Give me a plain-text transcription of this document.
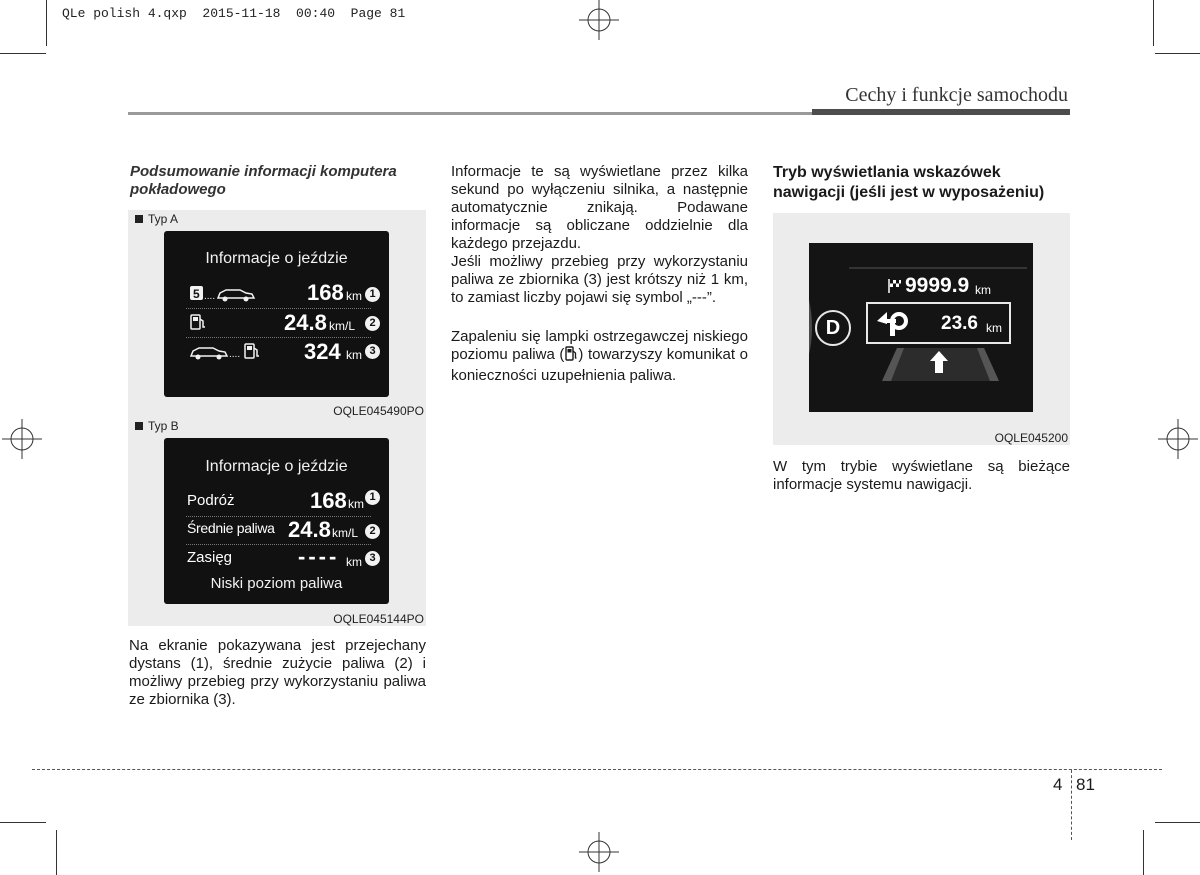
QLe polish 4.qxp  2015-11-18  00:40  Page 81
Cechy i funkcje samochodu
Podsumowanie informacji komputera pokładowego
Typ A
Informacje o jeździe
5 ....	168 km 1
24.8 km/L	2
....	324 km 3
OQLE045490PO
Typ B
Informacje o jeździe
Podróż	168 km 1
Średnie paliwa 24.8 km/L	2
Zasięg	---- km 3
Niski poziom paliwa
OQLE045144PO
Na ekranie pokazywana jest przejechany dystans (1), średnie zużycie paliwa (2) i możliwy przebieg przy wykorzystaniu paliwa ze zbiornika (3).
Informacje te są wyświetlane przez kilka sekund po wyłączeniu silnika, a następnie automatycznie znikają. Podawane informacje są obliczane oddzielnie dla każdego przejazdu.
Jeśli możliwy przebieg przy wykorzystaniu paliwa ze zbiornika (3) jest krótszy niż 1 km, to zamiast liczby pojawi się symbol „---”.
Zapaleniu się lampki ostrzegawczej niskiego poziomu paliwa ( ) towarzyszy komunikat o konieczności uzupełnienia paliwa.
Tryb wyświetlania wskazówek nawigacji (jeśli jest w wyposażeniu)
D
9999.9 km
23.6 km
OQLE045200
W tym trybie wyświetlane są bieżące informacje systemu nawigacji.
4 81
